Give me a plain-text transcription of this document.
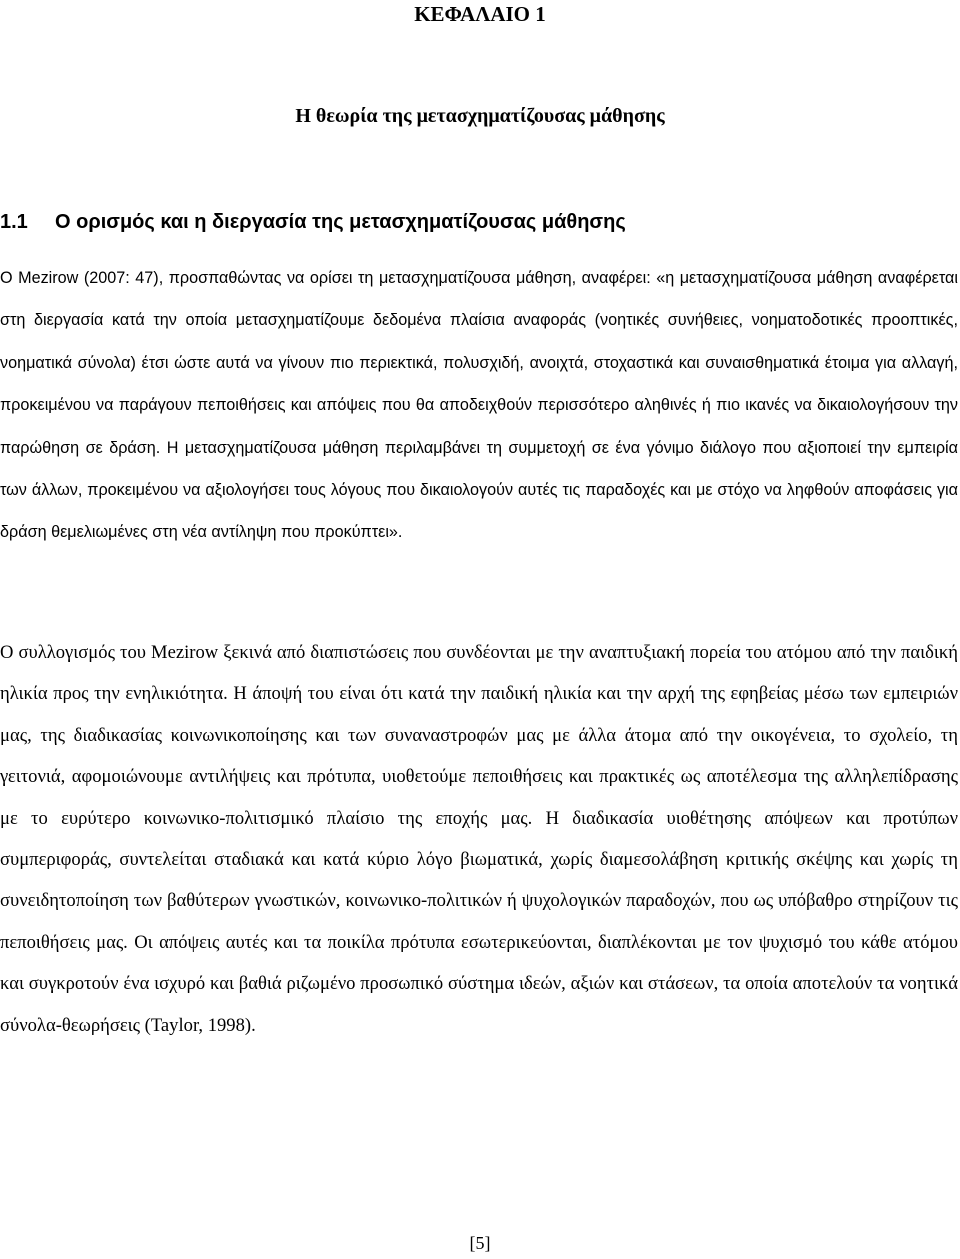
ΚΕΦΑΛΑΙΟ 1
Η θεωρία της μετασχηματίζουσας μάθησης
1.1 Ο ορισμός και η διεργασία της μετασχηματίζουσας μάθησης

Ο Mezirow (2007: 47), προσπαθώντας να ορίσει τη μετασχηματίζουσα μάθηση, αναφέρει: «η μετασχηματίζουσα μάθηση αναφέρεται στη διεργασία κατά την οποία μετασχηματίζουμε δεδομένα πλαίσια αναφοράς (νοητικές συνήθειες, νοηματοδοτικές προοπτικές, νοηματικά σύνολα) έτσι ώστε αυτά να γίνουν πιο περιεκτικά, πολυσχιδή, ανοιχτά, στοχαστικά και συναισθηματικά έτοιμα για αλλαγή, προκειμένου να παράγουν πεποιθήσεις και απόψεις που θα αποδειχθούν περισσότερο αληθινές ή πιο ικανές να δικαιολογήσουν την παρώθηση σε δράση. Η μετασχηματίζουσα μάθηση περιλαμβάνει τη συμμετοχή σε ένα γόνιμο διάλογο που αξιοποιεί την εμπειρία των άλλων, προκειμένου να αξιολογήσει τους λόγους που δικαιολογούν αυτές τις παραδοχές και με στόχο να ληφθούν αποφάσεις για δράση θεμελιωμένες στη νέα αντίληψη που προκύπτει».

Ο συλλογισμός του Mezirow ξεκινά από διαπιστώσεις που συνδέονται με την αναπτυξιακή πορεία του ατόμου από την παιδική ηλικία προς την ενηλικιότητα. Η άποψή του είναι ότι κατά την παιδική ηλικία και την αρχή της εφηβείας μέσω των εμπειριών μας, της διαδικασίας κοινωνικοποίησης και των συναναστροφών μας με άλλα άτομα από την οικογένεια, το σχολείο, τη γειτονιά, αφομοιώνουμε αντιλήψεις και πρότυπα, υιοθετούμε πεποιθήσεις και πρακτικές ως αποτέλεσμα της αλληλεπίδρασης με το ευρύτερο κοινωνικο-πολιτισμικό πλαίσιο της εποχής μας. Η διαδικασία υιοθέτησης απόψεων και προτύπων συμπεριφοράς, συντελείται σταδιακά και κατά κύριο λόγο βιωματικά, χωρίς διαμεσολάβηση κριτικής σκέψης και χωρίς τη συνειδητοποίηση των βαθύτερων γνωστικών, κοινωνικο-πολιτικών ή ψυχολογικών παραδοχών, που ως υπόβαθρο στηρίζουν τις πεποιθήσεις μας. Οι απόψεις αυτές και τα ποικίλα πρότυπα εσωτερικεύονται, διαπλέκονται με τον ψυχισμό του κάθε ατόμου και συγκροτούν ένα ισχυρό και βαθιά ριζωμένο προσωπικό σύστημα ιδεών, αξιών και στάσεων, τα οποία αποτελούν τα νοητικά σύνολα-θεωρήσεις (Taylor, 1998).

[5]
